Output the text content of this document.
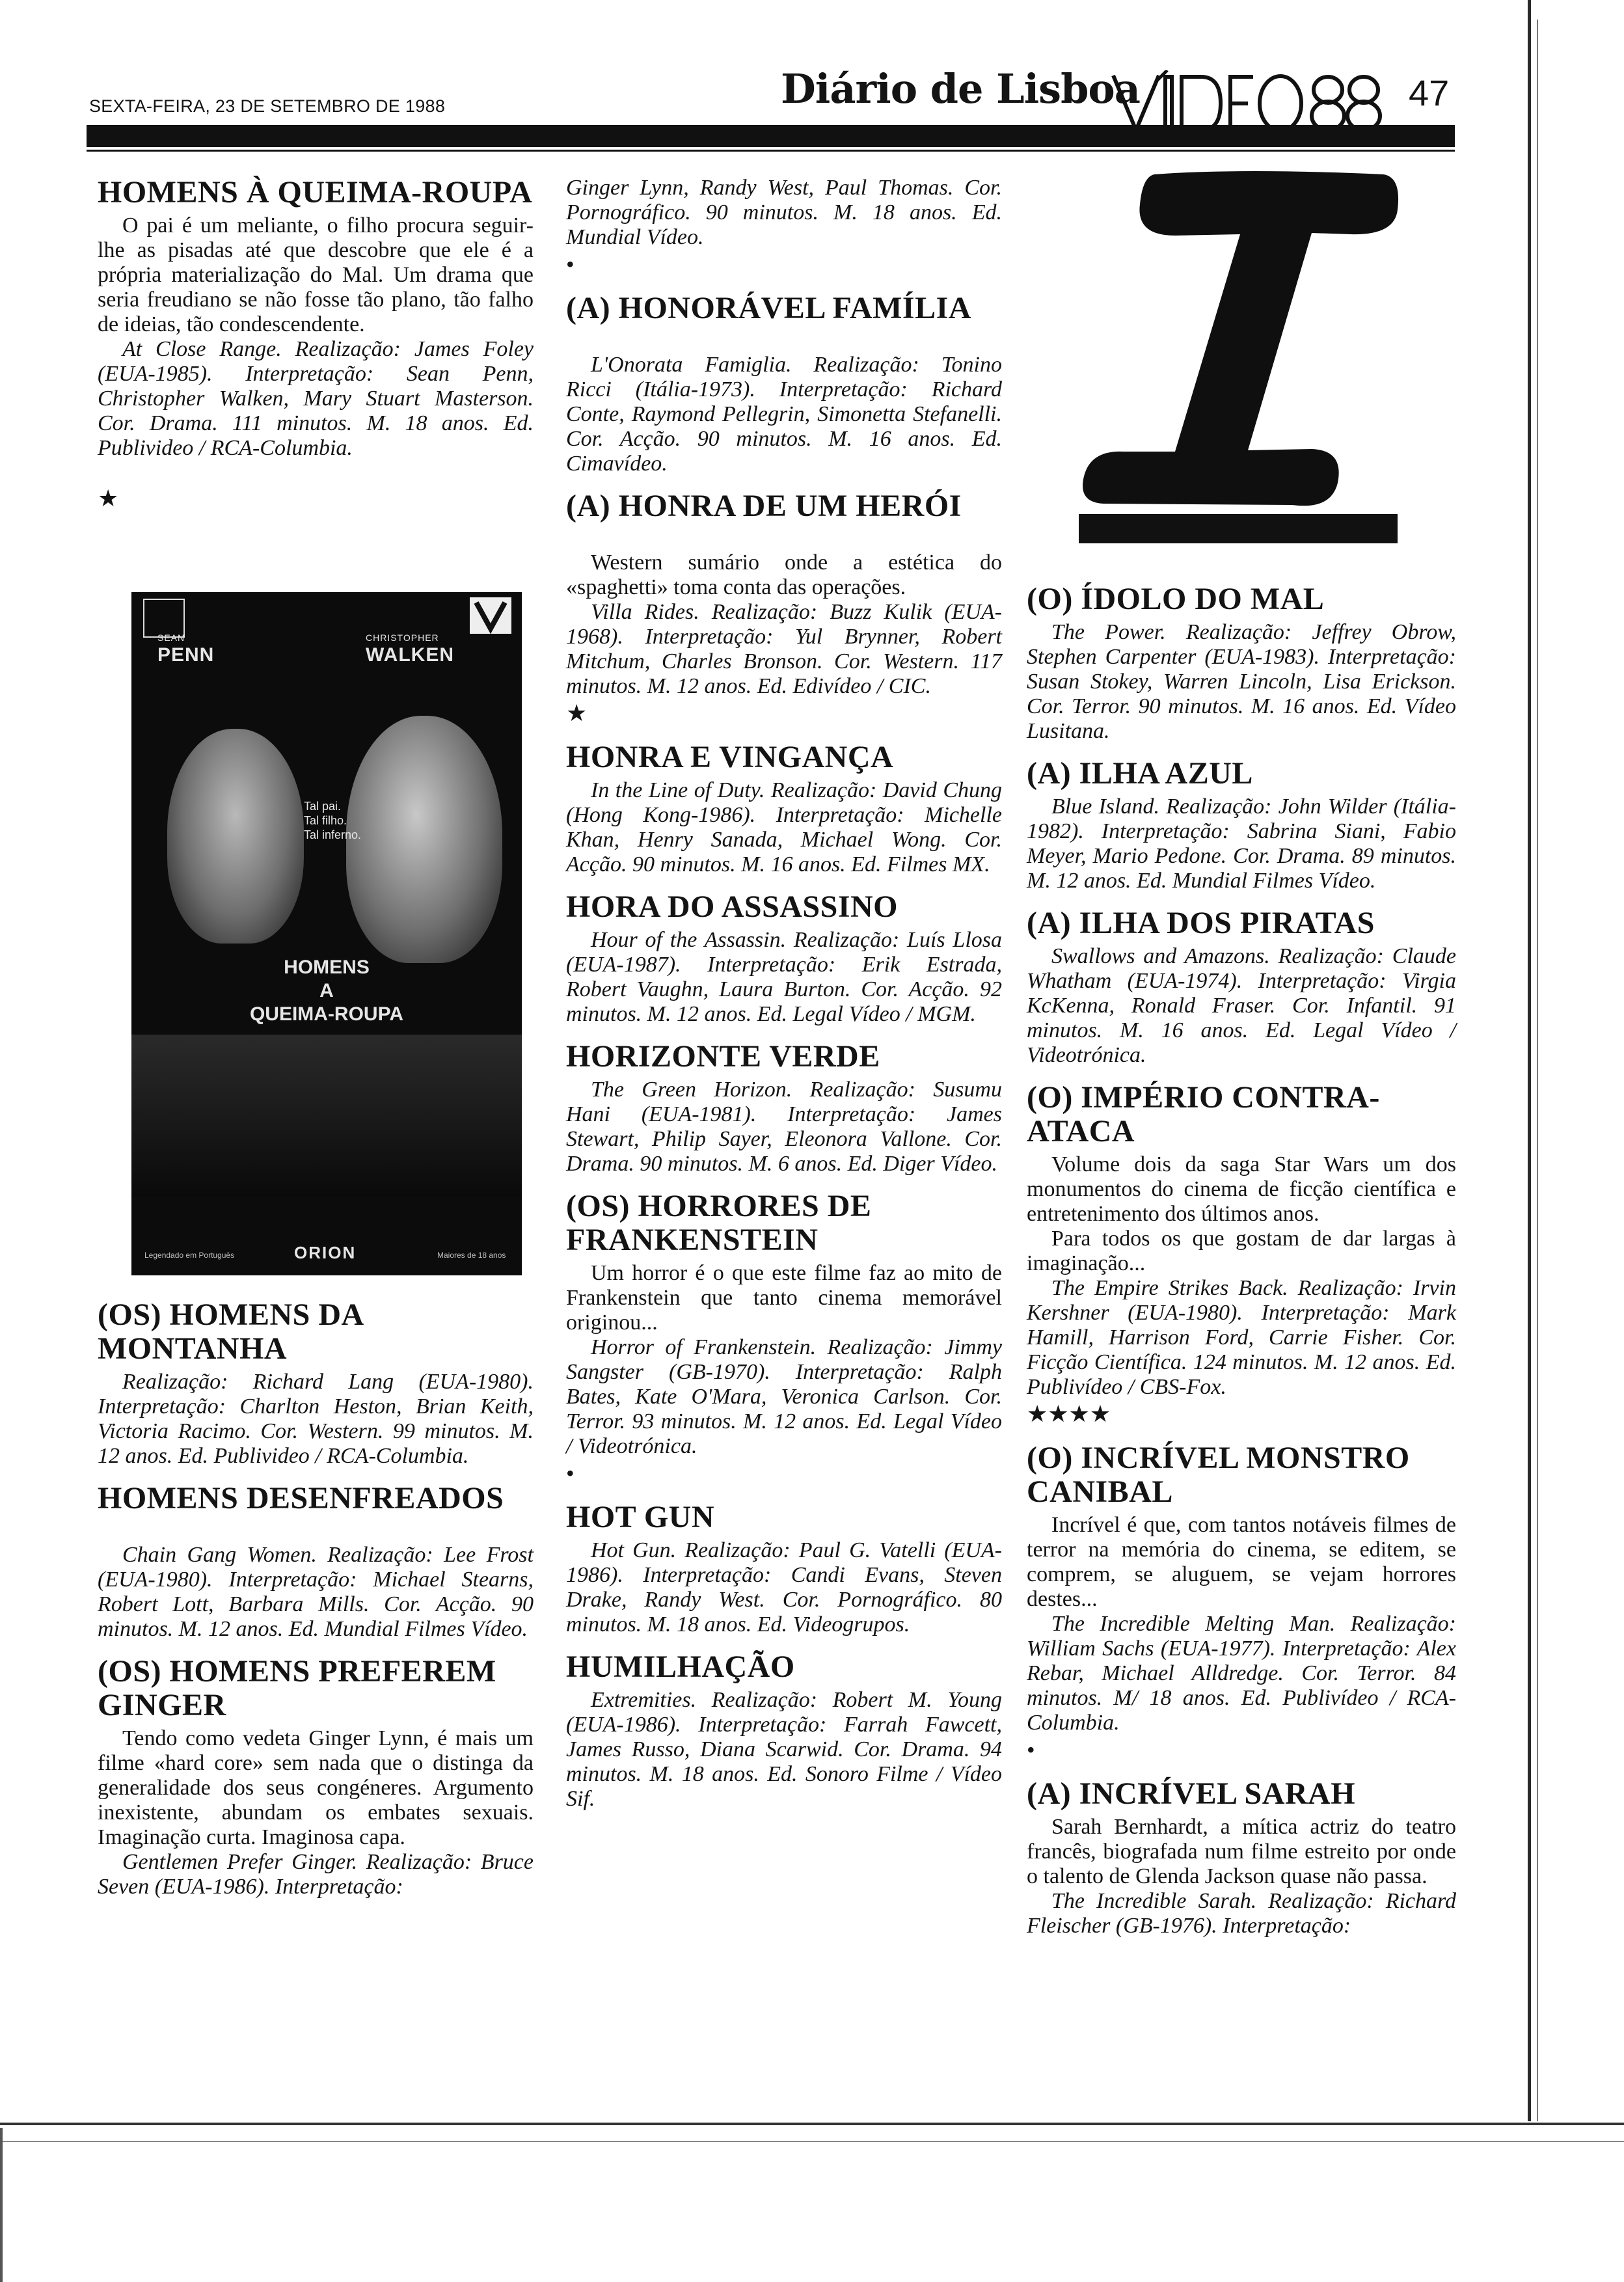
SEXTA-FEIRA, 23 DE SETEMBRO DE 1988	Diário de Lisboa	47
HOMENS À QUEIMA-ROUPA

O pai é um meliante, o filho procura seguir-lhe as pisadas até que descobre que ele é a própria materialização do Mal. Um drama que seria freudiano se não fosse tão plano, tão falho de ideias, tão condescendente.

At Close Range. Realização: James Foley (EUA-1985). Interpretação: Sean Penn, Christopher Walken, Mary Stuart Masterson. Cor. Drama. 111 minutos. M. 18 anos. Ed. Publivideo / RCA-Columbia.

★

SEAN
PENN
CHRISTOPHER
WALKEN
Tal pai.
Tal filho.
Tal inferno.
HOMENS
A
QUEIMA-ROUPA
ORION
Legendado em Português	Maiores de 18 anos
(OS) HOMENS DA MONTANHA

Realização: Richard Lang (EUA-1980). Interpretação: Charlton Heston, Brian Keith, Victoria Racimo. Cor. Western. 99 minutos. M. 12 anos. Ed. Publivideo / RCA-Columbia.

HOMENS DESENFREADOS

Chain Gang Women. Realização: Lee Frost (EUA-1980). Interpretação: Michael Stearns, Robert Lott, Barbara Mills. Cor. Acção. 90 minutos. M. 12 anos. Ed. Mundial Filmes Vídeo.

(OS) HOMENS PREFEREM GINGER

Tendo como vedeta Ginger Lynn, é mais um filme «hard core» sem nada que o distinga da generalidade dos seus congéneres. Argumento inexistente, abundam os embates sexuais. Imaginação curta. Imaginosa capa.

Gentlemen Prefer Ginger. Realização: Bruce Seven (EUA-1986). Interpretação:

Ginger Lynn, Randy West, Paul Thomas. Cor. Pornográfico. 90 minutos. M. 18 anos. Ed. Mundial Vídeo.

•

(A) HONORÁVEL FAMÍLIA

L'Onorata Famiglia. Realização: Tonino Ricci (Itália-1973). Interpretação: Richard Conte, Raymond Pellegrin, Simonetta Stefanelli. Cor. Acção. 90 minutos. M. 16 anos. Ed. Cimavídeo.

(A) HONRA DE UM HERÓI

Western sumário onde a estética do «spaghetti» toma conta das operações.

Villa Rides. Realização: Buzz Kulik (EUA-1968). Interpretação: Yul Brynner, Robert Mitchum, Charles Bronson. Cor. Western. 117 minutos. M. 12 anos. Ed. Edivídeo / CIC.

★

HONRA E VINGANÇA

In the Line of Duty. Realização: David Chung (Hong Kong-1986). Interpretação: Michelle Khan, Henry Sanada, Michael Wong. Cor. Acção. 90 minutos. M. 16 anos. Ed. Filmes MX.

HORA DO ASSASSINO

Hour of the Assassin. Realização: Luís Llosa (EUA-1987). Interpretação: Erik Estrada, Robert Vaughn, Laura Burton. Cor. Acção. 92 minutos. M. 12 anos. Ed. Legal Vídeo / MGM.

HORIZONTE VERDE

The Green Horizon. Realização: Susumu Hani (EUA-1981). Interpretação: James Stewart, Philip Sayer, Eleonora Vallone. Cor. Drama. 90 minutos. M. 6 anos. Ed. Diger Vídeo.

(OS) HORRORES DE FRANKENSTEIN

Um horror é o que este filme faz ao mito de Frankenstein que tanto cinema memorável originou...

Horror of Frankenstein. Realização: Jimmy Sangster (GB-1970). Interpretação: Ralph Bates, Kate O'Mara, Veronica Carlson. Cor. Terror. 93 minutos. M. 12 anos. Ed. Legal Vídeo / Videotrónica.

•

HOT GUN

Hot Gun. Realização: Paul G. Vatelli (EUA-1986). Interpretação: Candi Evans, Steven Drake, Randy West. Cor. Pornográfico. 80 minutos. M. 18 anos. Ed. Videogrupos.

HUMILHAÇÃO

Extremities. Realização: Robert M. Young (EUA-1986). Interpretação: Farrah Fawcett, James Russo, Diana Scarwid. Cor. Drama. 94 minutos. M. 18 anos. Ed. Sonoro Filme / Vídeo Sif.

(O) ÍDOLO DO MAL

The Power. Realização: Jeffrey Obrow, Stephen Carpenter (EUA-1983). Interpretação: Susan Stokey, Warren Lincoln, Lisa Erickson. Cor. Terror. 90 minutos. M. 16 anos. Ed. Vídeo Lusitana.

(A) ILHA AZUL

Blue Island. Realização: John Wilder (Itália-1982). Interpretação: Sabrina Siani, Fabio Meyer, Mario Pedone. Cor. Drama. 89 minutos. M. 12 anos. Ed. Mundial Filmes Vídeo.

(A) ILHA DOS PIRATAS

Swallows and Amazons. Realização: Claude Whatham (EUA-1974). Interpretação: Virgia KcKenna, Ronald Fraser. Cor. Infantil. 91 minutos. M. 16 anos. Ed. Legal Vídeo / Videotrónica.

(O) IMPÉRIO CONTRA-ATACA

Volume dois da saga Star Wars um dos monumentos do cinema de ficção científica e entretenimento dos últimos anos.

Para todos os que gostam de dar largas à imaginação...

The Empire Strikes Back. Realização: Irvin Kershner (EUA-1980). Interpretação: Mark Hamill, Harrison Ford, Carrie Fisher. Cor. Ficção Científica. 124 minutos. M. 12 anos. Ed. Publivídeo / CBS-Fox.

★★★★

(O) INCRÍVEL MONSTRO CANIBAL

Incrível é que, com tantos notáveis filmes de terror na memória do cinema, se editem, se comprem, se aluguem, se vejam horrores destes...

The Incredible Melting Man. Realização: William Sachs (EUA-1977). Interpretação: Alex Rebar, Michael Alldredge. Cor. Terror. 84 minutos. M/ 18 anos. Ed. Publivídeo / RCA-Columbia.

•

(A) INCRÍVEL SARAH

Sarah Bernhardt, a mítica actriz do teatro francês, biografada num filme estreito por onde o talento de Glenda Jackson quase não passa.

The Incredible Sarah. Realização: Richard Fleischer (GB-1976). Interpretação:
